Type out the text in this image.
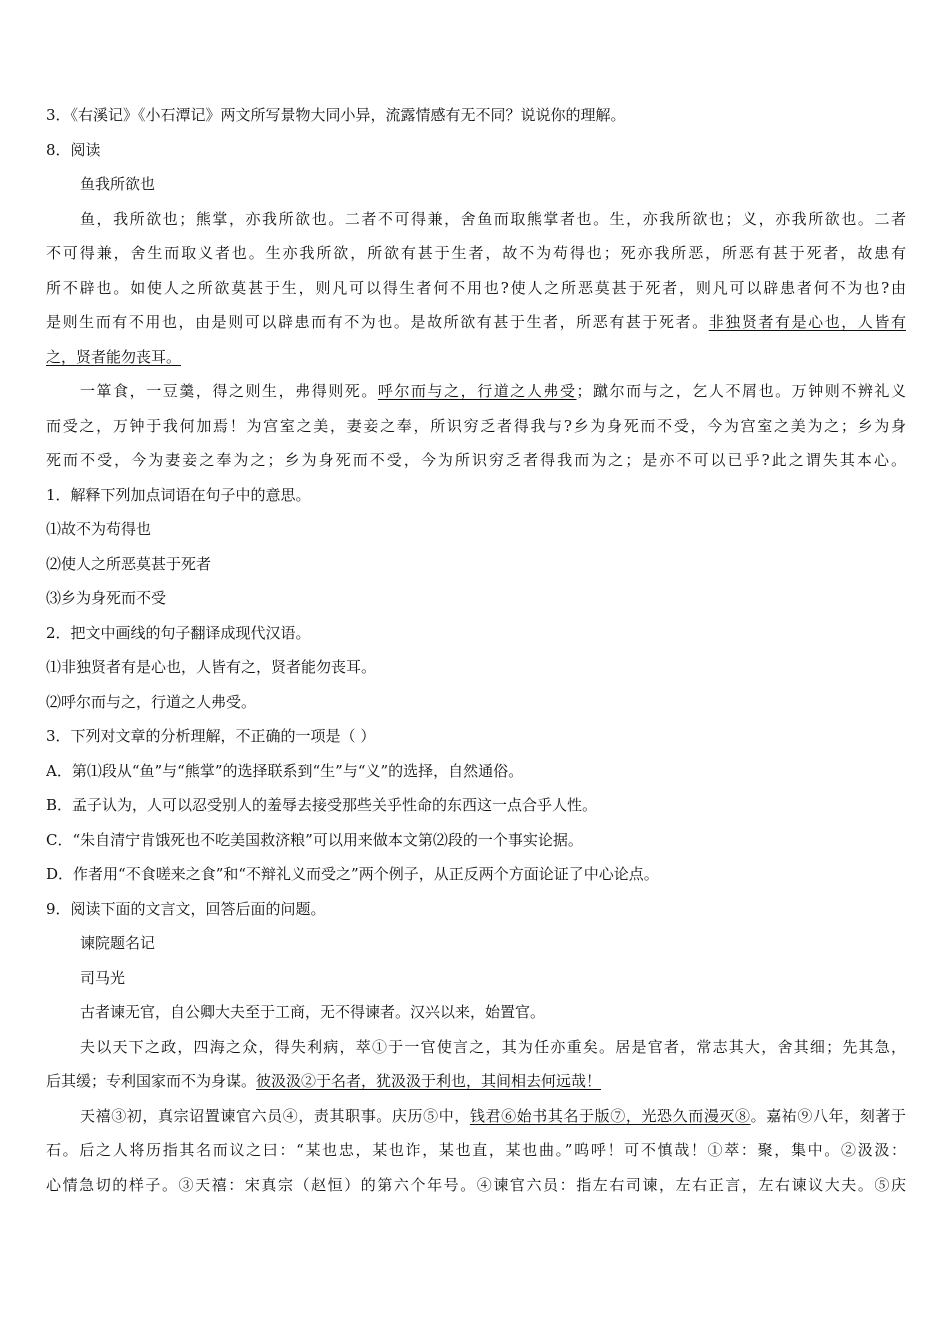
3．《右溪记》《小石潭记》两文所写景物大同小异，流露情感有无不同？说说你的理解。
8．阅读
鱼我所欲也
鱼，我所欲也；熊掌，亦我所欲也。二者不可得兼，舍鱼而取熊掌者也。生，亦我所欲也；义，亦我所欲也。二者
不可得兼，舍生而取义者也。生亦我所欲，所欲有甚于生者，故不为苟得也；死亦我所恶，所恶有甚于死者，故患有
所不辟也。如使人之所欲莫甚于生，则凡可以得生者何不用也?使人之所恶莫甚于死者，则凡可以辟患者何不为也?由
是则生而有不用也，由是则可以辟患而有不为也。是故所欲有甚于生者，所恶有甚于死者。非独贤者有是心也，人皆有
之，贤者能勿丧耳。
一箪食，一豆羹，得之则生，弗得则死。呼尔而与之，行道之人弗受；蹴尔而与之，乞人不屑也。万钟则不辨礼义
而受之，万钟于我何加焉！为宫室之美，妻妾之奉，所识穷乏者得我与?乡为身死而不受，今为宫室之美为之；乡为身
死而不受，今为妻妾之奉为之；乡为身死而不受，今为所识穷乏者得我而为之；是亦不可以已乎?此之谓失其本心。
1．解释下列加点词语在句子中的意思。
⑴故不为苟得也
⑵使人之所恶莫甚于死者
⑶乡为身死而不受
2．把文中画线的句子翻译成现代汉语。
⑴非独贤者有是心也，人皆有之，贤者能勿丧耳。
⑵呼尔而与之，行道之人弗受。
3．下列对文章的分析理解，不正确的一项是（ ）
A．第⑴段从“鱼”与“熊掌”的选择联系到“生”与“义”的选择，自然通俗。
B．孟子认为，人可以忍受别人的羞辱去接受那些关乎性命的东西这一点合乎人性。
C．“朱自清宁肯饿死也不吃美国救济粮”可以用来做本文第⑵段的一个事实论据。
D．作者用“不食嗟来之食”和“不辩礼义而受之”两个例子，从正反两个方面论证了中心论点。
9．阅读下面的文言文，回答后面的问题。
谏院题名记
司马光
古者谏无官，自公卿大夫至于工商，无不得谏者。汉兴以来，始置官。
夫以天下之政，四海之众，得失利病，萃①于一官使言之，其为任亦重矣。居是官者，常志其大，舍其细；先其急，
后其缓；专利国家而不为身谋。彼汲汲②于名者，犹汲汲于利也，其间相去何远哉！
天禧③初，真宗诏置谏官六员④，责其职事。庆历⑤中，钱君⑥始书其名于版⑦，光恐久而漫灭⑧。嘉祐⑨八年，刻著于
石。后之人将历指其名而议之曰：“某也忠，某也诈，某也直，某也曲。”呜呼！可不慎哉！①萃：聚，集中。②汲汲：
心情急切的样子。③天禧：宋真宗（赵恒）的第六个年号。④谏官六员：指左右司谏，左右正言，左右谏议大夫。⑤庆
